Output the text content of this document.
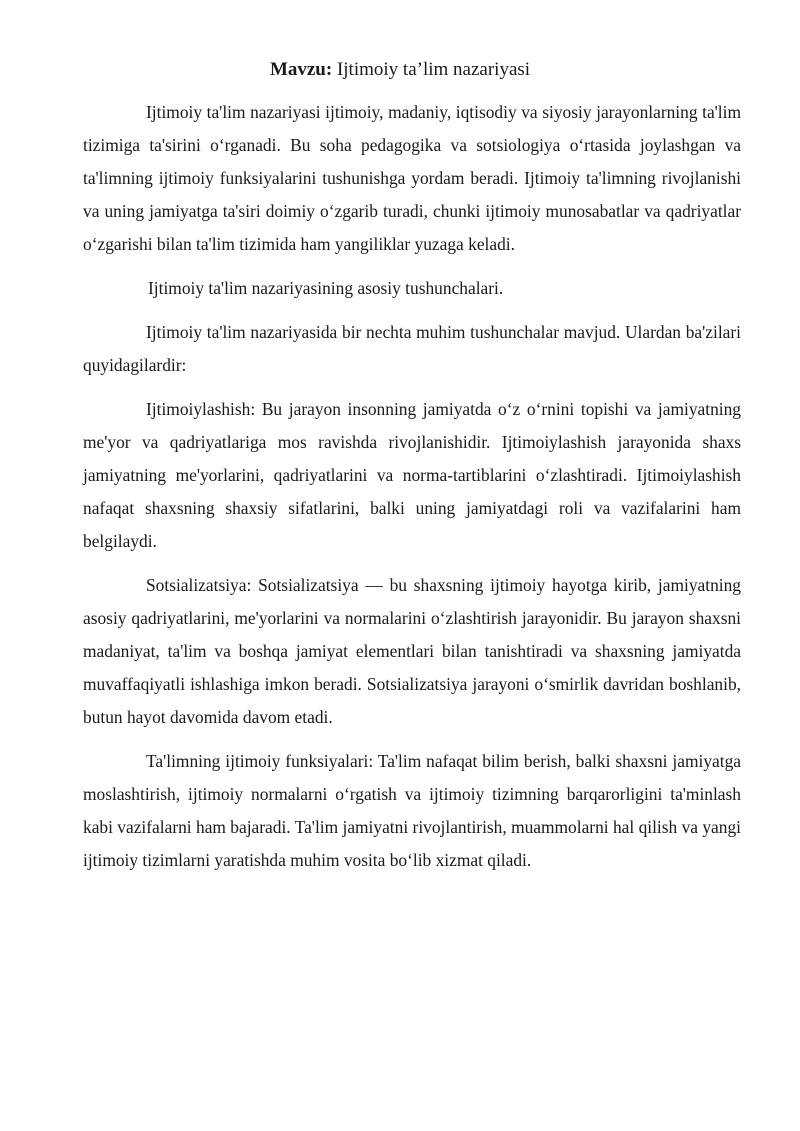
Mavzu: Ijtimoiy ta’lim nazariyasi

Ijtimoiy ta'lim nazariyasi ijtimoiy, madaniy, iqtisodiy va siyosiy jarayonlarning ta'lim tizimiga ta'sirini o‘rganadi. Bu soha pedagogika va sotsiologiya o‘rtasida joylashgan va ta'limning ijtimoiy funksiyalarini tushunishga yordam beradi. Ijtimoiy ta'limning rivojlanishi va uning jamiyatga ta'siri doimiy o‘zgarib turadi, chunki ijtimoiy munosabatlar va qadriyatlar o‘zgarishi bilan ta'lim tizimida ham yangiliklar yuzaga keladi.

Ijtimoiy ta'lim nazariyasining asosiy tushunchalari.

Ijtimoiy ta'lim nazariyasida bir nechta muhim tushunchalar mavjud. Ulardan ba'zilari quyidagilardir:

Ijtimoiylashish: Bu jarayon insonning jamiyatda o‘z o‘rnini topishi va jamiyatning me'yor va qadriyatlariga mos ravishda rivojlanishidir. Ijtimoiylashish jarayonida shaxs jamiyatning me'yorlarini, qadriyatlarini va norma-tartiblarini o‘zlashtiradi. Ijtimoiylashish nafaqat shaxsning shaxsiy sifatlarini, balki uning jamiyatdagi roli va vazifalarini ham belgilaydi.

Sotsializatsiya: Sotsializatsiya — bu shaxsning ijtimoiy hayotga kirib, jamiyatning asosiy qadriyatlarini, me'yorlarini va normalarini o‘zlashtirish jarayonidir. Bu jarayon shaxsni madaniyat, ta'lim va boshqa jamiyat elementlari bilan tanishtiradi va shaxsning jamiyatda muvaffaqiyatli ishlashiga imkon beradi. Sotsializatsiya jarayoni o‘smirlik davridan boshlanib, butun hayot davomida davom etadi.

Ta'limning ijtimoiy funksiyalari: Ta'lim nafaqat bilim berish, balki shaxsni jamiyatga moslashtirish, ijtimoiy normalarni o‘rgatish va ijtimoiy tizimning barqarorligini ta'minlash kabi vazifalarni ham bajaradi. Ta'lim jamiyatni rivojlantirish, muammolarni hal qilish va yangi ijtimoiy tizimlarni yaratishda muhim vosita bo‘lib xizmat qiladi.
